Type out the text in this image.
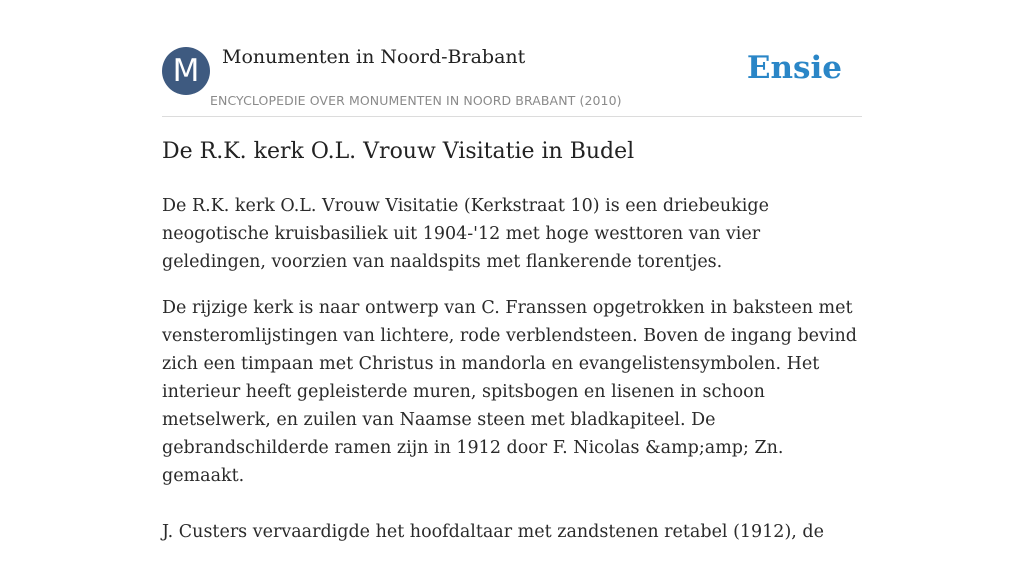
M	Monumenten in Noord-Brabant
ENCYCLOPEDIE OVER MONUMENTEN IN NOORD BRABANT (2010)
Ensie
De R.K. kerk O.L. Vrouw Visitatie in Budel

De R.K. kerk O.L. Vrouw Visitatie (Kerkstraat 10) is een driebeukige neogotische kruisbasiliek uit 1904-'12 met hoge westtoren van vier geledingen, voorzien van naaldspits met flankerende torentjes.

De rijzige kerk is naar ontwerp van C. Franssen opgetrokken in baksteen met vensteromlijstingen van lichtere, rode verblendsteen. Boven de ingang bevind zich een timpaan met Christus in mandorla en evangelistensymbolen. Het interieur heeft gepleisterde muren, spitsbogen en lisenen in schoon metselwerk, en zuilen van Naamse steen met bladkapiteel. De gebrandschilderde ramen zijn in 1912 door F. Nicolas &amp;amp; Zn. gemaakt.

J. Custers vervaardigde het hoofdaltaar met zandstenen retabel (1912), de
